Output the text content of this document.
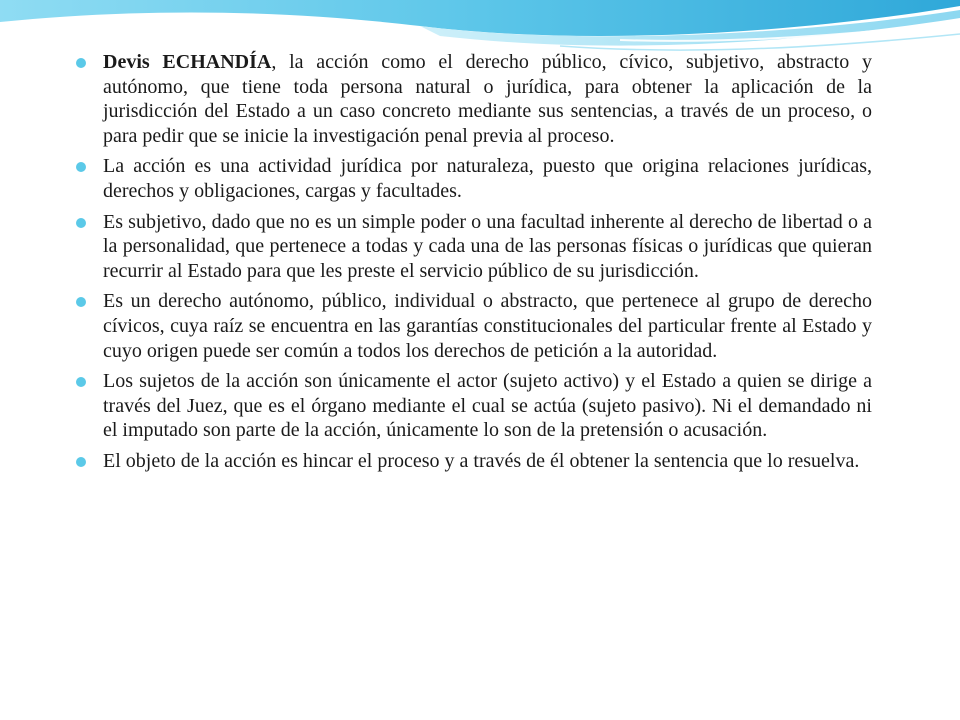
Devis ECHANDÍA, la acción como el derecho público, cívico, subjetivo, abstracto y autónomo, que tiene toda persona natural o jurídica, para obtener la aplicación de la jurisdicción del Estado a un caso concreto mediante sus sentencias, a través de un proceso, o para pedir que se inicie la investigación penal previa al proceso.
La acción es una actividad jurídica por naturaleza, puesto que origina relaciones jurídicas, derechos y obligaciones, cargas y facultades.
Es subjetivo, dado que no es un simple poder o una facultad inherente al derecho de libertad o a la personalidad, que pertenece a todas y cada una de las personas físicas o jurídicas que quieran recurrir al Estado para que les preste el servicio público de su jurisdicción.
Es un derecho autónomo, público, individual o abstracto, que pertenece al grupo de derecho cívicos, cuya raíz se encuentra en las garantías constitucionales del particular frente al Estado y cuyo origen puede ser común a todos los derechos de petición a la autoridad.
Los sujetos de la acción son únicamente el actor (sujeto activo) y el Estado a quien se dirige a través del Juez, que es el órgano mediante el cual se actúa (sujeto pasivo). Ni el demandado ni el imputado son parte de la acción, únicamente lo son de la pretensión o acusación.
El objeto de la acción es hincar el proceso y a través de él obtener la sentencia que lo resuelva.
